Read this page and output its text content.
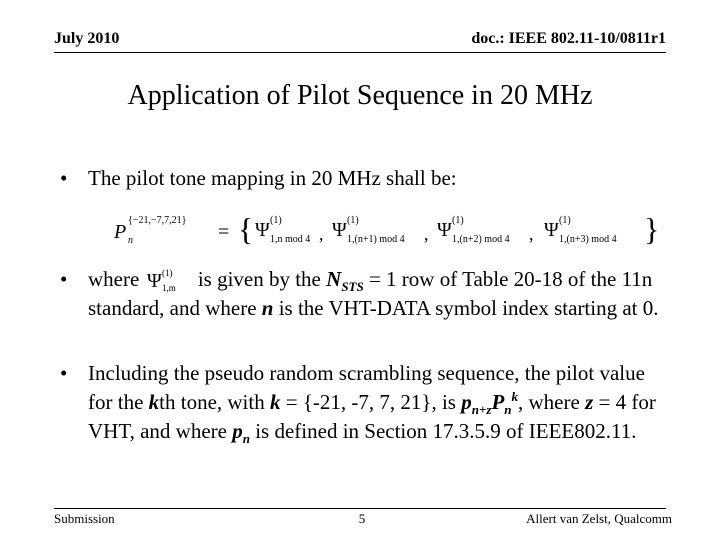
July 2010	doc.: IEEE 802.11-10/0811r1
Application of Pilot Sequence in 20 MHz
• The pilot tone mapping in 20 MHz shall be:
P
{−21,−7,7,21}
n	= { Ψ (1)
1,n mod 4 , Ψ (1)
1,(n+1) mod 4 , Ψ (1)
1,(n+2) mod 4 , Ψ (1)
1,(n+3) mod 4 }
• where Ψ (1)
1,m is given by the $N_{STS} = 1$ row of Table 20-18 of the 11n standard, and where n is the VHT-DATA symbol index starting at 0.
• Including the pseudo random scrambling sequence, the pilot value for the kth tone, with k = {-21, -7, 7, 21}, is $p_{n+z}P_n^k$, where z = 4 for VHT, and where $p_n$ is defined in Section 17.3.5.9 of IEEE802.11.
Submission	5	Allert van Zelst, Qualcomm
